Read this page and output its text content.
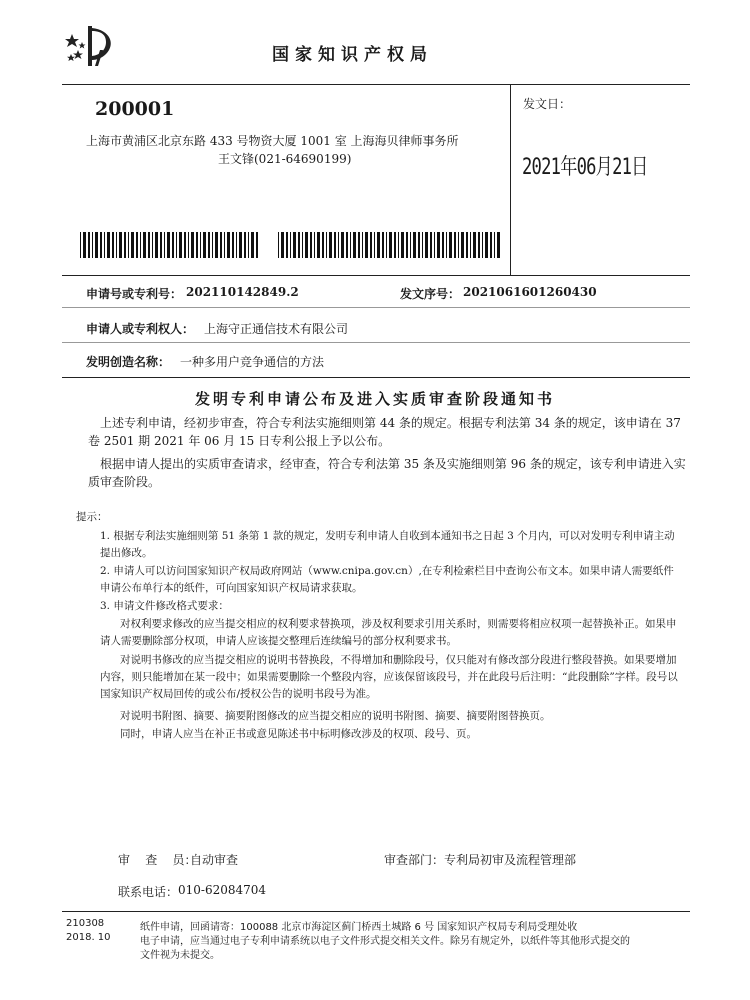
国家知识产权局
200001
上海市黄浦区北京东路 433 号物资大厦 1001 室 上海海贝律师事务所
王文锋(021-64690199)
发文日：
2021年06月21日
申请号或专利号： 202110142849.2	发文序号： 2021061601260430
申请人或专利权人： 上海守正通信技术有限公司
发明创造名称： 一种多用户竞争通信的方法
发明专利申请公布及进入实质审查阶段通知书
上述专利申请，经初步审查，符合专利法实施细则第 44 条的规定。根据专利法第 34 条的规定，该申请在 37 卷 2501 期 2021 年 06 月 15 日专利公报上予以公布。
根据申请人提出的实质审查请求，经审查，符合专利法第 35 条及实施细则第 96 条的规定，该专利申请进入实质审查阶段。
提示：
1. 根据专利法实施细则第 51 条第 1 款的规定，发明专利申请人自收到本通知书之日起 3 个月内，可以对发明专利申请主动提出修改。
2. 申请人可以访问国家知识产权局政府网站（www.cnipa.gov.cn）,在专利检索栏目中查询公布文本。如果申请人需要纸件申请公布单行本的纸件，可向国家知识产权局请求获取。
3. 申请文件修改格式要求：
对权利要求修改的应当提交相应的权利要求替换项，涉及权利要求引用关系时，则需要将相应权项一起替换补正。如果申请人需要删除部分权项，申请人应该提交整理后连续编号的部分权利要求书。
对说明书修改的应当提交相应的说明书替换段，不得增加和删除段号，仅只能对有修改部分段进行整段替换。如果要增加内容，则只能增加在某一段中；如果需要删除一个整段内容，应该保留该段号，并在此段号后注明：“此段删除”字样。段号以国家知识产权局回传的或公布/授权公告的说明书段号为准。
对说明书附图、摘要、摘要附图修改的应当提交相应的说明书附图、摘要、摘要附图替换页。
同时，申请人应当在补正书或意见陈述书中标明修改涉及的权项、段号、页。
审    查    员：
自动审查	审查部门： 专利局初审及流程管理部
联系电话： 010-62084704
210308
2018. 10
纸件申请，回函请寄：100088 北京市海淀区蓟门桥西土城路 6 号 国家知识产权局专利局受理处收
电子申请，应当通过电子专利申请系统以电子文件形式提交相关文件。除另有规定外，以纸件等其他形式提交的
文件视为未提交。
